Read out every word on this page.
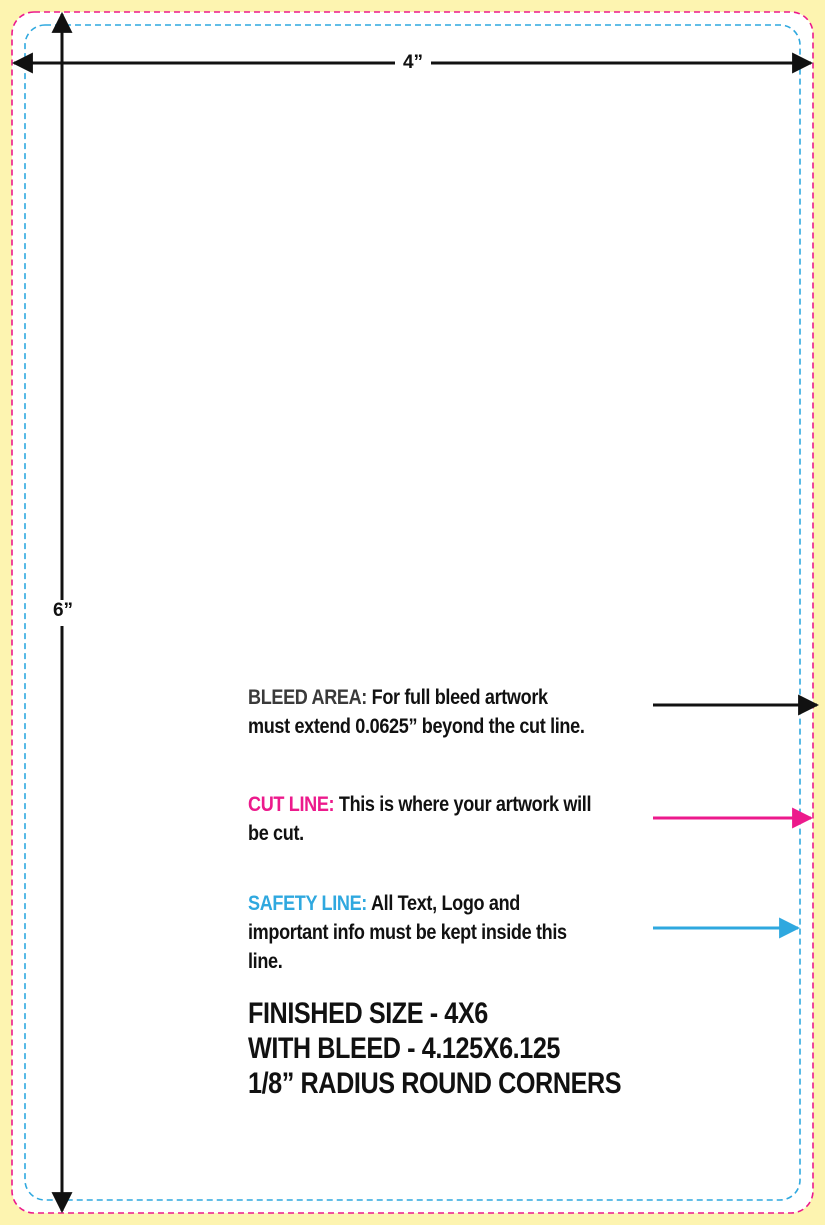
4”
6”
BLEED AREA: For full bleed artwork must extend 0.0625” beyond the cut line.
CUT LINE: This is where your artwork will be cut.
SAFETY LINE: All Text, Logo and important info must be kept inside this line.
FINISHED SIZE - 4X6
WITH BLEED - 4.125X6.125
1/8” RADIUS ROUND CORNERS
